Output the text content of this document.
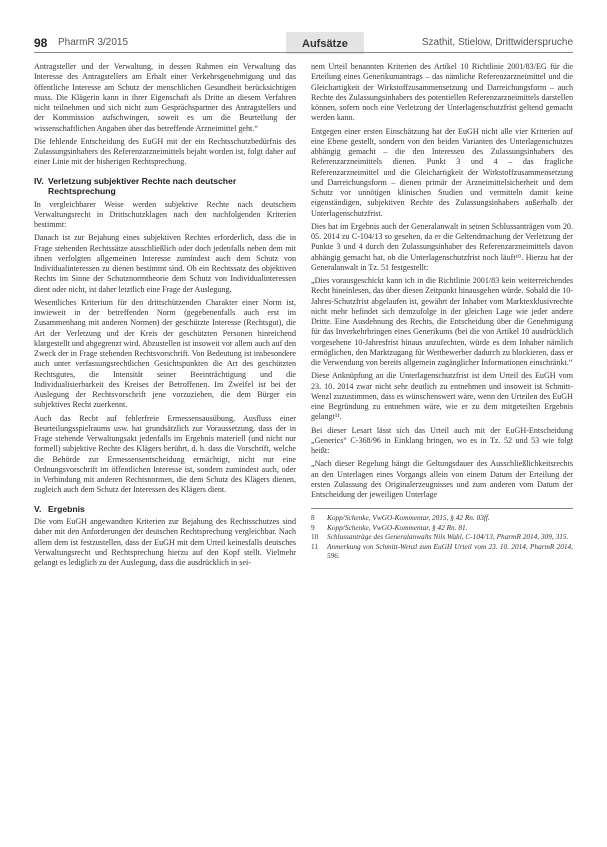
98 PharmR 3/2015	Aufsätze	Szathit, Stielow, Drittwiderspruche

Antragsteller und der Verwaltung, in dessen Rahmen ein Verwaltung das Interesse des Antragstellers am Erhalt einer Verkehrsgenehmigung und das öffentliche Interesse am Schutz der menschlichen Gesundheit berücksichtigen muss. Die Klägerin kann in ihrer Eigenschaft als Dritte an diesem Verfahren nicht teilnehmen und sich nicht zum Gesprächspartner des Antragstellers und der Kommission aufschwingen, soweit es um die Beurteilung der wissenschaftlichen Angaben über das betreffende Arzneimittel geht.“

Die fehlende Entscheidung des EuGH mit der ein Rechtsschutzbedürfnis des Zulassungsinhabers des Referenzarzneimittels bejaht worden ist, folgt daher auf einer Linie mit der bisherigen Rechtsprechung.

IV. Verletzung subjektiver Rechte nach deutscher
Rechtsprechung

In vergleichbarer Weise werden subjektive Rechte nach deutschem Verwaltungsrecht in Drittschutzklagen nach den nachfolgenden Kriterien bestimmt:

Danach ist zur Bejahung eines subjektiven Rechtes erforderlich, dass die in Frage stehenden Rechtssätze ausschließlich oder doch jedenfalls neben dem mit ihnen verfolgten allgemeinen Interesse zumindest auch dem Schutz von Individualinteressen zu dienen bestimmt sind. Ob ein Rechtssatz des objektiven Rechts im Sinne der Schutznormtheorie dem Schutz von Individualinteressen dient oder nicht, ist daher letztlich eine Frage der Auslegung.

Wesentliches Kriterium für den drittschützenden Charakter einer Norm ist, inwieweit in der betreffenden Norm (gegebenenfalls auch erst im Zusammenhang mit anderen Normen) der geschützte Interesse (Rechtsgut), die Art der Verletzung und der Kreis der geschützten Personen hinreichend klargestellt und abgegrenzt wird. Abzustellen ist insoweit vor allem auch auf den Zweck der in Frage stehenden Rechtsvorschrift. Von Bedeutung ist insbesondere auch unter verfassungsrechtlichen Gesichtspunkten die Art des geschützten Rechtsgutes, die Intensität seiner Beeinträchtigung und die Individualisierbarkeit des Kreises der Betroffenen. Im Zweifel ist bei der Auslegung der Rechtsvorschrift jene vorzuziehen, die dem Bürger ein subjektives Recht zuerkennt.

Auch das Recht auf fehlerfreie Ermessensausübung, Ausfluss einer Beurteilungsspielraums usw. hat grundsätzlich zur Voraussetzung, dass der in Frage stehende Verwaltungsakt jedenfalls im Ergebnis materiell (und nicht nur formell) subjektive Rechte des Klägers berührt, d. h. dass die Vorschrift, welche die Behörde zur Ermessensentscheidung ermächtigt, nicht nur eine Ordnungsvorschrift im öffentlichen Interesse ist, sondern zumindest auch, oder in Verbindung mit anderen Rechtsnormen, die dem Schutz des Klägers dienen, zugleich auch dem Schutz der Interessen des Klägers dient.

V. Ergebnis

Die vom EuGH angewandten Kriterien zur Bejahung des Rechtsschutzes sind daher mit den Anforderungen der deutschen Rechtsprechung vergleichbar. Nach allem dem ist festzustellen, dass der EuGH mit dem Urteil keinesfalls deutsches Verwaltungsrecht und Rechtsprechung hierzu auf den Kopf stellt. Vielmehr gelangt es lediglich zu der Auslegung, dass die ausdrücklich in sei-

nem Urteil benannten Kriterien des Artikel 10 Richtlinie 2001/83/EG für die Erteilung eines Generikumantrags – das nämliche Referenzarzneimittel und die Gleichartigkeit der Wirkstoffzusammensetzung und Darreichungsform – auch Rechte des Zulassungsinhabers des potentiellen Referenzarzneimittels darstellen können, sofern noch eine Verletzung der Unterlagenschutzfrist geltend gemacht werden kann.

Entgegen einer ersten Einschätzung hat der EuGH nicht alle vier Kriterien auf eine Ebene gestellt, sondern von den beiden Varianten des Unterlagenschutzes abhängig gemacht – die den Interessen des Zulassungsinhabers des Referenzarzneimittels dienen. Punkt 3 und 4 – das fragliche Referenzarzneimittel und die Gleichartigkeit der Wirkstoffzusammensetzung und Darreichungsform – dienen primär der Arzneimittelsicherheit und dem Schutz vor unnötigen klinischen Studien und vermitteln damit keine eigenständigen, subjektiven Rechte des Zulassungsinhabers außerhalb der Unterlagenschutzfrist.

Dies hat im Ergebnis auch der Generalanwalt in seinen Schlussanträgen vom 20. 05. 2014 zu C-104/13 so gesehen, da er die Geltendmachung der Verletzung der Punkte 3 und 4 durch den Zulassungsinhaber des Referenzarzneimittels davon abhängig gemacht hat, ob die Unterlagenschutzfrist noch läuft¹⁰. Hierzu hat der Generalanwalt in Tz. 51 festgestellt:

„Dies vorausgeschickt kann ich in die Richtlinie 2001/83 kein weiterreichendes Recht hineinlesen, das über diesen Zeitpunkt hinausgehen würde. Sobald die 10-Jahres-Schutzfrist abgelaufen ist, gewährt der Inhaber vom Marktexklusivrechte nicht mehr befindet sich demzufolge in der gleichen Lage wie jeder andere Dritte. Eine Ausdehnung des Rechts, die Entscheidung über die Genehmigung für das Inverkehrbringen eines Generikums (bei die von Artikel 10 ausdrücklich vorgesehene 10-Jahresfrist hinaus anzufechten, würde es dem Inhaber nämlich ermöglichen, den Marktzugang für Wettbewerber dadurch zu blockieren, dass er die Verwendung von bereits allgemein zugänglicher Informationen einschränkt.“

Diese Anknüpfung an die Unterlagenschutzfrist ist dem Urteil des EuGH vom 23. 10. 2014 zwar nicht sehr deutlich zu entnehmen und insoweit ist Schmitt-Wenzl zuzustimmen, dass es wünschenswert wäre, wenn den Urteilen des EuGH eine Begründung zu entnehmen wäre, wie er zu dem mitgeteilten Ergebnis gelangt¹¹.

Bei dieser Lesart lässt sich das Urteil auch mit der EuGH-Entscheidung „Generics“ C-368/96 in Einklang bringen, wo es in Tz. 52 und 53 wie folgt heißt:

„Nach dieser Regelung hängt die Geltungsdauer des Ausschließlichkeitsrechts an den Unterlagen eines Vorgangs allein von einem Datum der Erteilung der ersten Zulassung des Originalerzeugnisses und zum anderen vom Datum der Entscheidung der jeweiligen Unterlage

8	Kopp/Schenke, VwGO-Kommentar, 2015, § 42 Rn. 83ff.
9	Kopp/Schenke, VwGO-Kommentar, § 42 Rn. 81.
10	Schlussanträge des Generalanwalts Nils Wahl, C-104/13, PharmR 2014, 309, 315.
11	Anmerkung von Schmitt-Wenzl zum EuGH Urteil vom 23. 10. 2014, PharmR 2014, 596.
